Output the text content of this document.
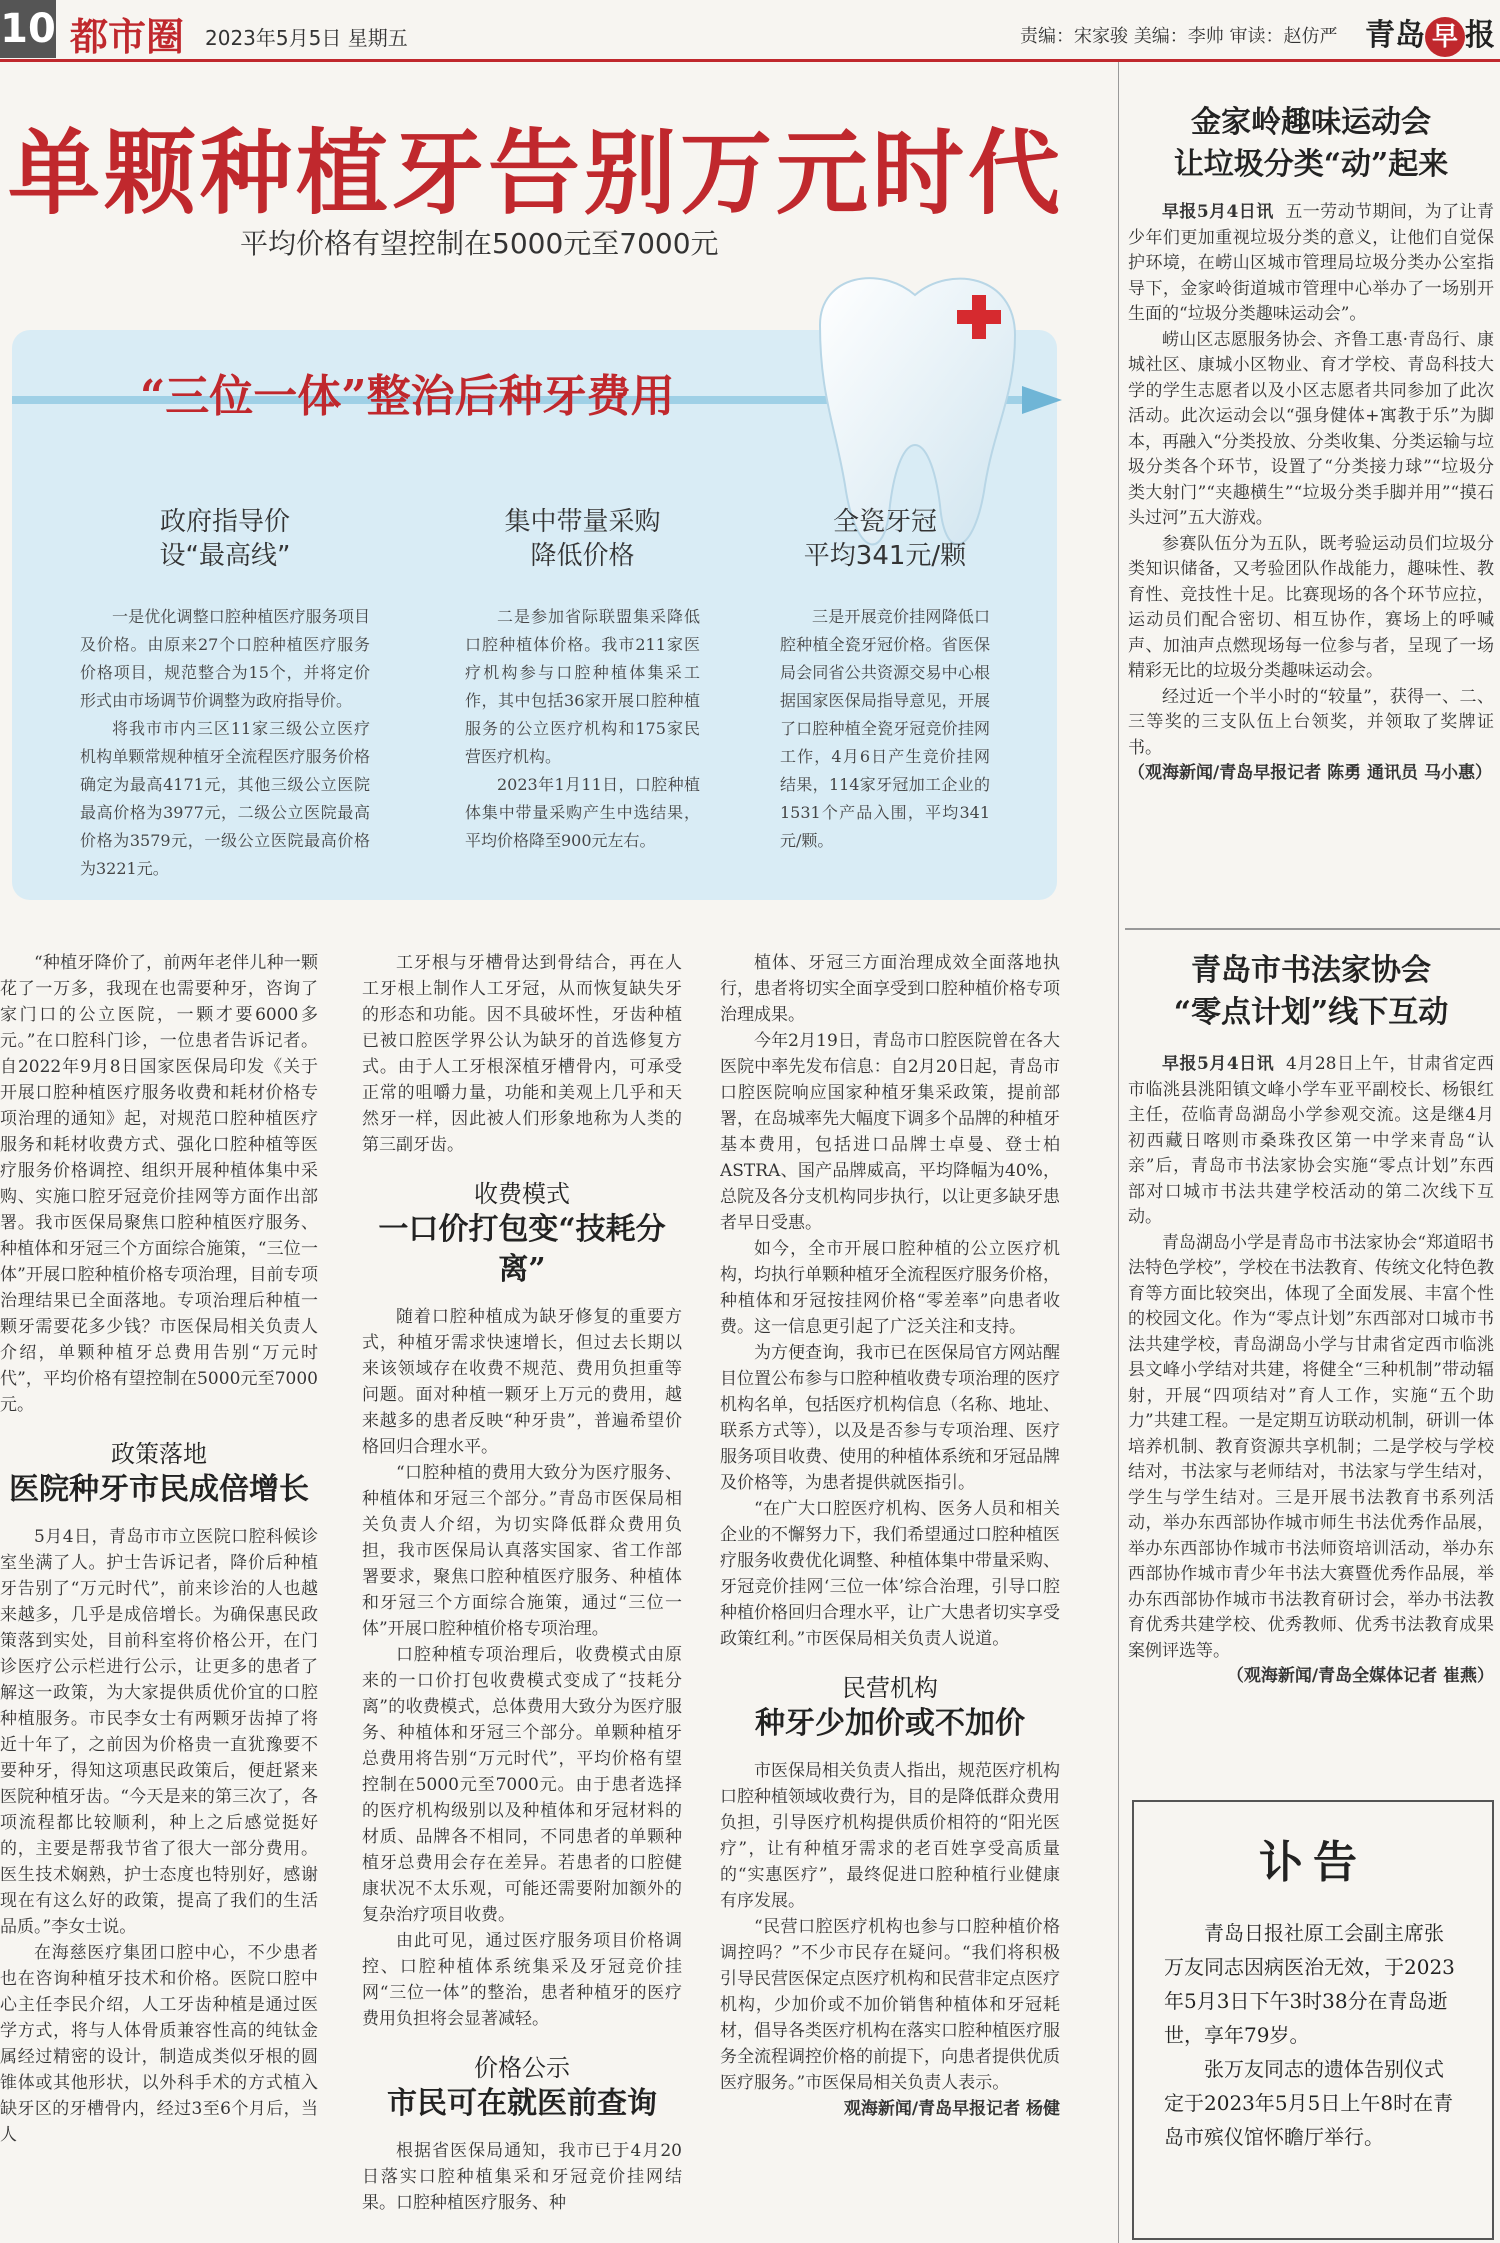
10 都市圈 2023年5月5日 星期五	责编：宋家骏 美编：李帅 审读：赵仿严 青岛 早 报
单颗种植牙告别万元时代
平均价格有望控制在5000元至7000元
“三位一体”整治后种牙费用
政府指导价
设“最高线”

一是优化调整口腔种植医疗服务项目及价格。由原来27个口腔种植医疗服务价格项目，规范整合为15个，并将定价形式由市场调节价调整为政府指导价。

将我市市内三区11家三级公立医疗机构单颗常规种植牙全流程医疗服务价格确定为最高4171元，其他三级公立医院最高价格为3977元，二级公立医院最高价格为3579元，一级公立医院最高价格为3221元。

集中带量采购
降低价格

二是参加省际联盟集采降低口腔种植体价格。我市211家医疗机构参与口腔种植体集采工作，其中包括36家开展口腔种植服务的公立医疗机构和175家民营医疗机构。

2023年1月11日，口腔种植体集中带量采购产生中选结果，平均价格降至900元左右。

全瓷牙冠
平均341元/颗

三是开展竞价挂网降低口腔种植全瓷牙冠价格。省医保局会同省公共资源交易中心根据国家医保局指导意见，开展了口腔种植全瓷牙冠竞价挂网工作，4月6日产生竞价挂网结果，114家牙冠加工企业的1531个产品入围，平均341元/颗。

“种植牙降价了，前两年老伴儿种一颗花了一万多，我现在也需要种牙，咨询了家门口的公立医院，一颗才要6000多元。”在口腔科门诊，一位患者告诉记者。自2022年9月8日国家医保局印发《关于开展口腔种植医疗服务收费和耗材价格专项治理的通知》起，对规范口腔种植医疗服务和耗材收费方式、强化口腔种植等医疗服务价格调控、组织开展种植体集中采购、实施口腔牙冠竞价挂网等方面作出部署。我市医保局聚焦口腔种植医疗服务、种植体和牙冠三个方面综合施策，“三位一体”开展口腔种植价格专项治理，目前专项治理结果已全面落地。专项治理后种植一颗牙需要花多少钱？市医保局相关负责人介绍，单颗种植牙总费用告别“万元时代”，平均价格有望控制在5000元至7000元。

政策落地
医院种牙市民成倍增长

5月4日，青岛市市立医院口腔科候诊室坐满了人。护士告诉记者，降价后种植牙告别了“万元时代”，前来诊治的人也越来越多，几乎是成倍增长。为确保惠民政策落到实处，目前科室将价格公开，在门诊医疗公示栏进行公示，让更多的患者了解这一政策，为大家提供质优价宜的口腔种植服务。市民李女士有两颗牙齿掉了将近十年了，之前因为价格贵一直犹豫要不要种牙，得知这项惠民政策后，便赶紧来医院种植牙齿。“今天是来的第三次了，各项流程都比较顺利，种上之后感觉挺好的，主要是帮我节省了很大一部分费用。医生技术娴熟，护士态度也特别好，感谢现在有这么好的政策，提高了我们的生活品质。”李女士说。

在海慈医疗集团口腔中心，不少患者也在咨询种植牙技术和价格。医院口腔中心主任李民介绍，人工牙齿种植是通过医学方式，将与人体骨质兼容性高的纯钛金属经过精密的设计，制造成类似牙根的圆锥体或其他形状，以外科手术的方式植入缺牙区的牙槽骨内，经过3至6个月后，当人

工牙根与牙槽骨达到骨结合，再在人工牙根上制作人工牙冠，从而恢复缺失牙的形态和功能。因不具破坏性，牙齿种植已被口腔医学界公认为缺牙的首选修复方式。由于人工牙根深植牙槽骨内，可承受正常的咀嚼力量，功能和美观上几乎和天然牙一样，因此被人们形象地称为人类的第三副牙齿。

收费模式
一口价打包变“技耗分离”

随着口腔种植成为缺牙修复的重要方式，种植牙需求快速增长，但过去长期以来该领域存在收费不规范、费用负担重等问题。面对种植一颗牙上万元的费用，越来越多的患者反映“种牙贵”，普遍希望价格回归合理水平。

“口腔种植的费用大致分为医疗服务、种植体和牙冠三个部分。”青岛市医保局相关负责人介绍，为切实降低群众费用负担，我市医保局认真落实国家、省工作部署要求，聚焦口腔种植医疗服务、种植体和牙冠三个方面综合施策，通过“三位一体”开展口腔种植价格专项治理。

口腔种植专项治理后，收费模式由原来的一口价打包收费模式变成了“技耗分离”的收费模式，总体费用大致分为医疗服务、种植体和牙冠三个部分。单颗种植牙总费用将告别“万元时代”，平均价格有望控制在5000元至7000元。由于患者选择的医疗机构级别以及种植体和牙冠材料的材质、品牌各不相同，不同患者的单颗种植牙总费用会存在差异。若患者的口腔健康状况不太乐观，可能还需要附加额外的复杂治疗项目收费。

由此可见，通过医疗服务项目价格调控、口腔种植体系统集采及牙冠竞价挂网“三位一体”的整治，患者种植牙的医疗费用负担将会显著减轻。

价格公示
市民可在就医前查询

根据省医保局通知，我市已于4月20日落实口腔种植集采和牙冠竞价挂网结果。口腔种植医疗服务、种

植体、牙冠三方面治理成效全面落地执行，患者将切实全面享受到口腔种植价格专项治理成果。

今年2月19日，青岛市口腔医院曾在各大医院中率先发布信息：自2月20日起，青岛市口腔医院响应国家种植牙集采政策，提前部署，在岛城率先大幅度下调多个品牌的种植牙基本费用，包括进口品牌士卓曼、登士柏ASTRA、国产品牌威高，平均降幅为40%，总院及各分支机构同步执行，以让更多缺牙患者早日受惠。

如今，全市开展口腔种植的公立医疗机构，均执行单颗种植牙全流程医疗服务价格，种植体和牙冠按挂网价格“零差率”向患者收费。这一信息更引起了广泛关注和支持。

为方便查询，我市已在医保局官方网站醒目位置公布参与口腔种植收费专项治理的医疗机构名单，包括医疗机构信息（名称、地址、联系方式等），以及是否参与专项治理、医疗服务项目收费、使用的种植体系统和牙冠品牌及价格等，为患者提供就医指引。

“在广大口腔医疗机构、医务人员和相关企业的不懈努力下，我们希望通过口腔种植医疗服务收费优化调整、种植体集中带量采购、牙冠竞价挂网‘三位一体’综合治理，引导口腔种植价格回归合理水平，让广大患者切实享受政策红利。”市医保局相关负责人说道。

民营机构
种牙少加价或不加价

市医保局相关负责人指出，规范医疗机构口腔种植领域收费行为，目的是降低群众费用负担，引导医疗机构提供质价相符的“阳光医疗”，让有种植牙需求的老百姓享受高质量的“实惠医疗”，最终促进口腔种植行业健康有序发展。

“民营口腔医疗机构也参与口腔种植价格调控吗？”不少市民存在疑问。“我们将积极引导民营医保定点医疗机构和民营非定点医疗机构，少加价或不加价销售种植体和牙冠耗材，倡导各类医疗机构在落实口腔种植医疗服务全流程调控价格的前提下，向患者提供优质医疗服务。”市医保局相关负责人表示。

观海新闻/青岛早报记者 杨健
金家岭趣味运动会
让垃圾分类“动”起来

早报5月4日讯 五一劳动节期间，为了让青少年们更加重视垃圾分类的意义，让他们自觉保护环境，在崂山区城市管理局垃圾分类办公室指导下，金家岭街道城市管理中心举办了一场别开生面的“垃圾分类趣味运动会”。

崂山区志愿服务协会、齐鲁工惠·青岛行、康城社区、康城小区物业、育才学校、青岛科技大学的学生志愿者以及小区志愿者共同参加了此次活动。此次运动会以“强身健体+寓教于乐”为脚本，再融入“分类投放、分类收集、分类运输与垃圾分类各个环节，设置了“分类接力球”“垃圾分类大射门”“夹趣横生”“垃圾分类手脚并用”“摸石头过河”五大游戏。

参赛队伍分为五队，既考验运动员们垃圾分类知识储备，又考验团队作战能力，趣味性、教育性、竞技性十足。比赛现场的各个环节应拉，运动员们配合密切、相互协作，赛场上的呼喊声、加油声点燃现场每一位参与者，呈现了一场精彩无比的垃圾分类趣味运动会。

经过近一个半小时的“较量”，获得一、二、三等奖的三支队伍上台领奖，并领取了奖牌证书。

（观海新闻/青岛早报记者 陈勇 通讯员 马小惠）
青岛市书法家协会
“零点计划”线下互动

早报5月4日讯 4月28日上午，甘肃省定西市临洮县洮阳镇文峰小学车亚平副校长、杨银红主任，莅临青岛湖岛小学参观交流。这是继4月初西藏日喀则市桑珠孜区第一中学来青岛“认亲”后，青岛市书法家协会实施“零点计划”东西部对口城市书法共建学校活动的第二次线下互动。

青岛湖岛小学是青岛市书法家协会“郑道昭书法特色学校”，学校在书法教育、传统文化特色教育等方面比较突出，体现了全面发展、丰富个性的校园文化。作为“零点计划”东西部对口城市书法共建学校，青岛湖岛小学与甘肃省定西市临洮县文峰小学结对共建，将健全“三种机制”带动辐射，开展“四项结对”育人工作，实施“五个助力”共建工程。一是定期互访联动机制，研训一体培养机制、教育资源共享机制；二是学校与学校结对，书法家与老师结对，书法家与学生结对，学生与学生结对。三是开展书法教育书系列活动，举办东西部协作城市师生书法优秀作品展，举办东西部协作城市书法师资培训活动，举办东西部协作城市青少年书法大赛暨优秀作品展，举办东西部协作城市书法教育研讨会，举办书法教育优秀共建学校、优秀教师、优秀书法教育成果案例评选等。

（观海新闻/青岛全媒体记者 崔燕）
讣告

青岛日报社原工会副主席张万友同志因病医治无效，于2023年5月3日下午3时38分在青岛逝世，享年79岁。

张万友同志的遗体告别仪式定于2023年5月5日上午8时在青岛市殡仪馆怀瞻厅举行。
